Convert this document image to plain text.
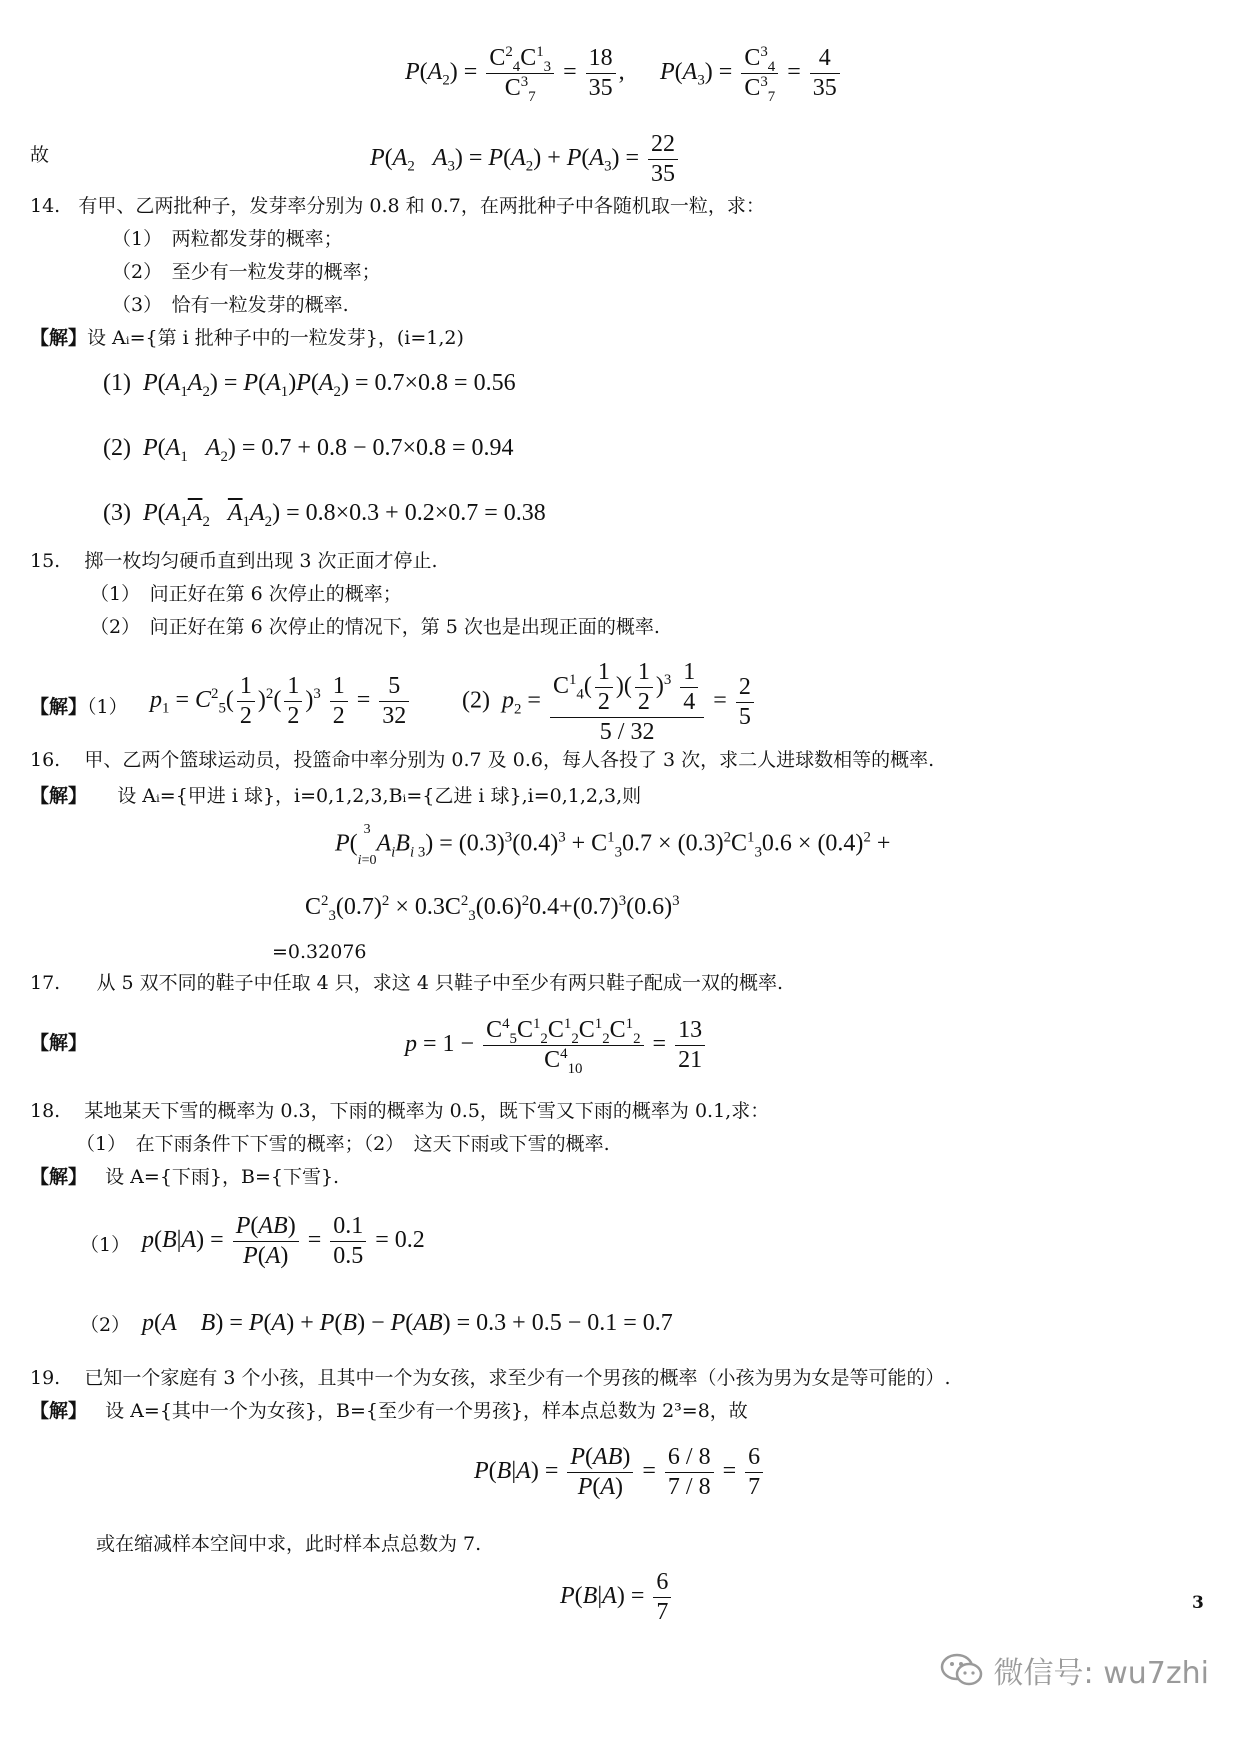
$P(A_2) = \frac{C^2_4C^1_3}{C^3_7} = \frac{18}{35}$ , $P(A_3) = \frac{C^3_4}{C^3_7} = \frac{4}{35}$
故	$P(A_2$ $A_3) = P(A_2) + P(A_3) = \frac{22}{35}$
14. 有甲、乙两批种子，发芽率分别为 0.8 和 0.7，在两批种子中各随机取一粒，求：
（1）　两粒都发芽的概率；
（2）　至少有一粒发芽的概率；
（3）　恰有一粒发芽的概率.
【解】设 Aᵢ={第 i 批种子中的一粒发芽}，(i=1,2)
(1) $P(A_1A_2) = P(A_1)P(A_2) = 0.7\times 0.8 = 0.56$
(2) $P(A_1$ $A_2) = 0.7 + 0.8 - 0.7\times 0.8 = 0.94$
(3) $P(A_1\overline{A}_2$ $\overline{A}_1A_2) = 0.8\times 0.3 + 0.2\times 0.7 = 0.38$
15. 掷一枚均匀硬币直到出现 3 次正面才停止.
（1）　问正好在第 6 次停止的概率；
（2）　问正好在第 6 次停止的情况下，第 5 次也是出现正面的概率.
【解】（1） $p_1 = C^2_5( \frac{1}{2} )^2( \frac{1}{2} )^3 \frac{1}{2} = \frac{5}{32} (2) p_2 = \frac{C^1_4( \frac{1}{2} )( \frac{1}{2} )^3 \frac{1}{4}}{5 / 32} = \frac{2}{5}$
16. 甲、乙两个篮球运动员，投篮命中率分别为 0.7 及 0.6，每人各投了 3 次，求二人进球数相等的概率.
【解】 设 Aᵢ={甲进 i 球}，i=0,1,2,3,Bᵢ={乙进 i 球},i=0,1,2,3,则
P(
3

i=0
$A_iB_{i 3}) = (0.3)^3(0.4)^3 + C^1_30.7 \times (0.3)^2C^1_30.6 \times (0.4)^2$ +
$C^2_3(0.7)^2 \times 0.3C^2_3(0.6)^20.4+(0.7)^3(0.6)^3$
=0.32076
17. 从 5 双不同的鞋子中任取 4 只，求这 4 只鞋子中至少有两只鞋子配成一双的概率.
【解】	$p = 1 - \frac{C^4_5C^1_2C^1_2C^1_2C^1_2}{C^4_{10}} = \frac{13}{21}$
18. 某地某天下雪的概率为 0.3，下雨的概率为 0.5，既下雪又下雨的概率为 0.1,求：
（1）　在下雨条件下下雪的概率；（2）　这天下雨或下雪的概率.
【解】 设 A={下雨}，B={下雪}.
（1） $p(B|A) = \frac{P(AB)}{P(A)} = \frac{0.1}{0.5} = 0.2$
（2） p(A B) = P(A) + P(B) − P(AB) = 0.3 + 0.5 − 0.1 = 0.7
19. 已知一个家庭有 3 个小孩，且其中一个为女孩，求至少有一个男孩的概率（小孩为男为女是等可能的）.
【解】 设 A={其中一个为女孩}，B={至少有一个男孩}，样本点总数为 2³=8，故
$P(B|A) = \frac{P(AB)}{P(A)} = \frac{6 / 8}{7 / 8} = \frac{6}{7}$
或在缩减样本空间中求，此时样本点总数为 7.
$P(B|A) = \frac{6}{7}$	3
微信号: wu7zhi
